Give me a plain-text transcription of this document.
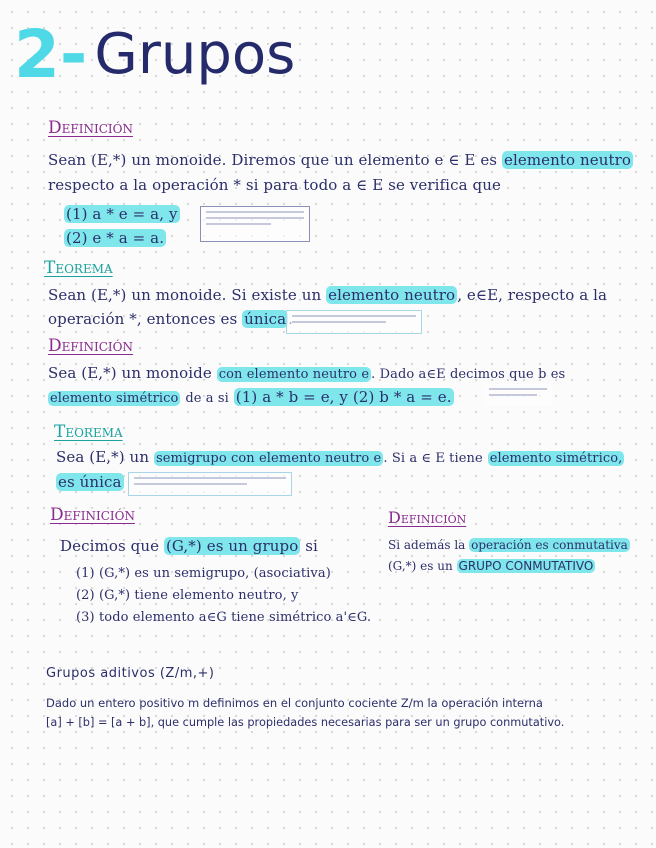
2- Grupos
Definición
Sean (E,*) un monoide. Diremos que un elemento e ∈ E es elemento neutro
respecto a la operación * si para todo a ∈ E se verifica que
(1) a * e = a, y
(2) e * a = a.
Teorema
Sean (E,*) un monoide. Si existe un elemento neutro , e∈E, respecto a la
operación *, entonces es única
Definición
Sea (E,*) un monoide con elemento neutro e . Dado a∈E decimos que b es
elemento simétrico de a si (1) a * b = e, y (2) b * a = e.
Teorema
Sea (E,*) un semigrupo con elemento neutro e . Si a ∈ E tiene elemento simétrico,
es única
Definición
Decimos que (G,*) es un grupo si
(1) (G,*) es un semigrupo, (asociativa)
(2) (G,*) tiene elemento neutro, y
(3) todo elemento a∈G tiene simétrico a'∈G.
Definición
Si además la operación es conmutativa
(G,*) es un GRUPO CONMUTATIVO
Grupos aditivos (Z/m,+)
Dado un entero positivo m definimos en el conjunto cociente Z/m la operación interna
[a] + [b] = [a + b], que cumple las propiedades necesarias para ser un grupo conmutativo.
